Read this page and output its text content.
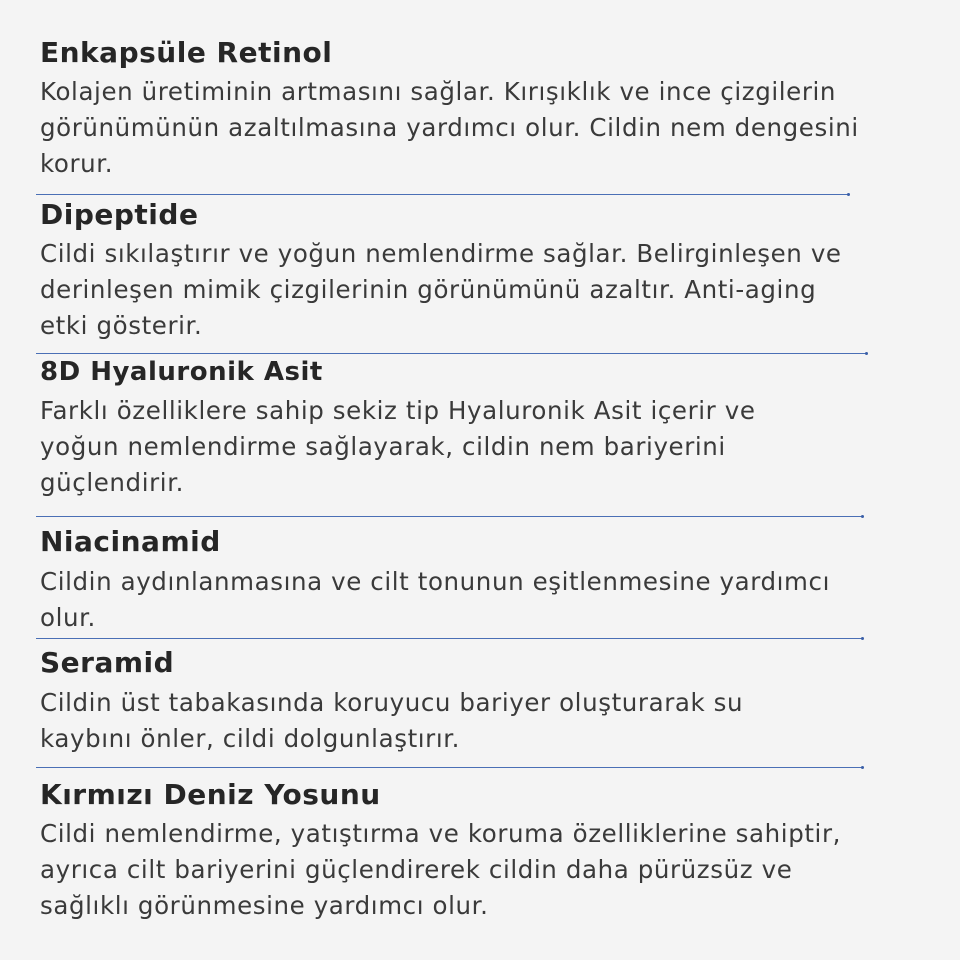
Enkapsüle Retinol

Kolajen üretiminin artmasını sağlar. Kırışıklık ve ince çizgilerin görünümünün azaltılmasına yardımcı olur. Cildin nem dengesini korur.

Dipeptide

Cildi sıkılaştırır ve yoğun nemlendirme sağlar. Belirginleşen ve derinleşen mimik çizgilerinin görünümünü azaltır. Anti-aging etki gösterir.

8D Hyaluronik Asit

Farklı özelliklere sahip sekiz tip Hyaluronik Asit içerir ve yoğun nemlendirme sağlayarak, cildin nem bariyerini güçlendirir.

Niacinamid

Cildin aydınlanmasına ve cilt tonunun eşitlenmesine yardımcı olur.

Seramid

Cildin üst tabakasında koruyucu bariyer oluşturarak su kaybını önler, cildi dolgunlaştırır.

Kırmızı Deniz Yosunu

Cildi nemlendirme, yatıştırma ve koruma özelliklerine sahiptir, ayrıca cilt bariyerini güçlendirerek cildin daha pürüzsüz ve sağlıklı görünmesine yardımcı olur.
